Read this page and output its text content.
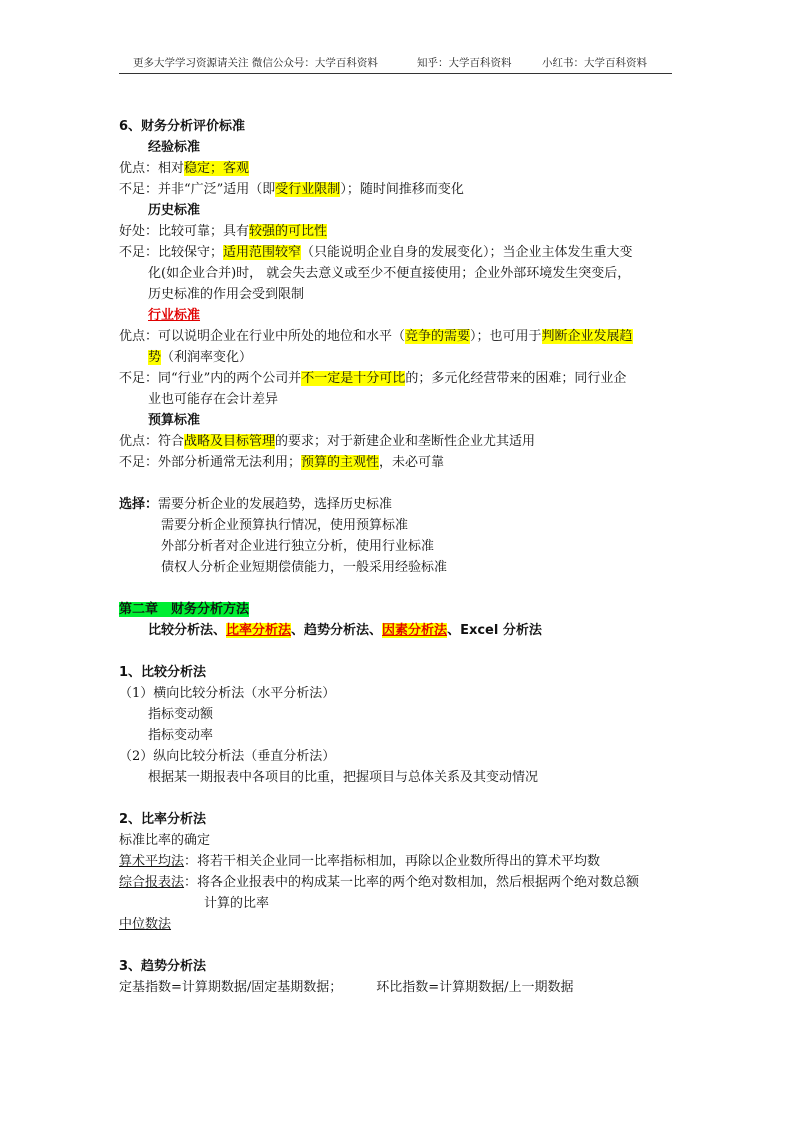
更多大学学习资源请关注 微信公众号：大学百科资料	知乎：大学百科资料	小红书：大学百科资料
6、财务分析评价标准
经验标准
优点：相对稳定；客观
不足：并非“广泛”适用（即受行业限制）；随时间推移而变化
历史标准
好处：比较可靠；具有较强的可比性
不足：比较保守；适用范围较窄（只能说明企业自身的发展变化）；当企业主体发生重大变
化(如企业合并)时， 就会失去意义或至少不便直接使用；企业外部环境发生突变后，
历史标准的作用会受到限制
行业标准
优点：可以说明企业在行业中所处的地位和水平（竞争的需要）；也可用于判断企业发展趋
势（利润率变化）
不足：同“行业”内的两个公司并不一定是十分可比的；多元化经营带来的困难；同行业企
业也可能存在会计差异
预算标准
优点：符合战略及目标管理的要求；对于新建企业和垄断性企业尤其适用
不足：外部分析通常无法利用；预算的主观性，未必可靠
选择：需要分析企业的发展趋势，选择历史标准
需要分析企业预算执行情况，使用预算标准
外部分析者对企业进行独立分析，使用行业标准
债权人分析企业短期偿债能力，一般采用经验标准
第二章　财务分析方法
比较分析法、比率分析法、趋势分析法、因素分析法、Excel 分析法
1、比较分析法
（1）横向比较分析法（水平分析法）
指标变动额
指标变动率
（2）纵向比较分析法（垂直分析法）
根据某一期报表中各项目的比重，把握项目与总体关系及其变动情况
2、比率分析法
标准比率的确定
算术平均法：将若干相关企业同一比率指标相加，再除以企业数所得出的算术平均数
综合报表法：将各企业报表中的构成某一比率的两个绝对数相加，然后根据两个绝对数总额
计算的比率
中位数法
3、趋势分析法
定基指数=计算期数据/固定基期数据；	环比指数=计算期数据/上一期数据
